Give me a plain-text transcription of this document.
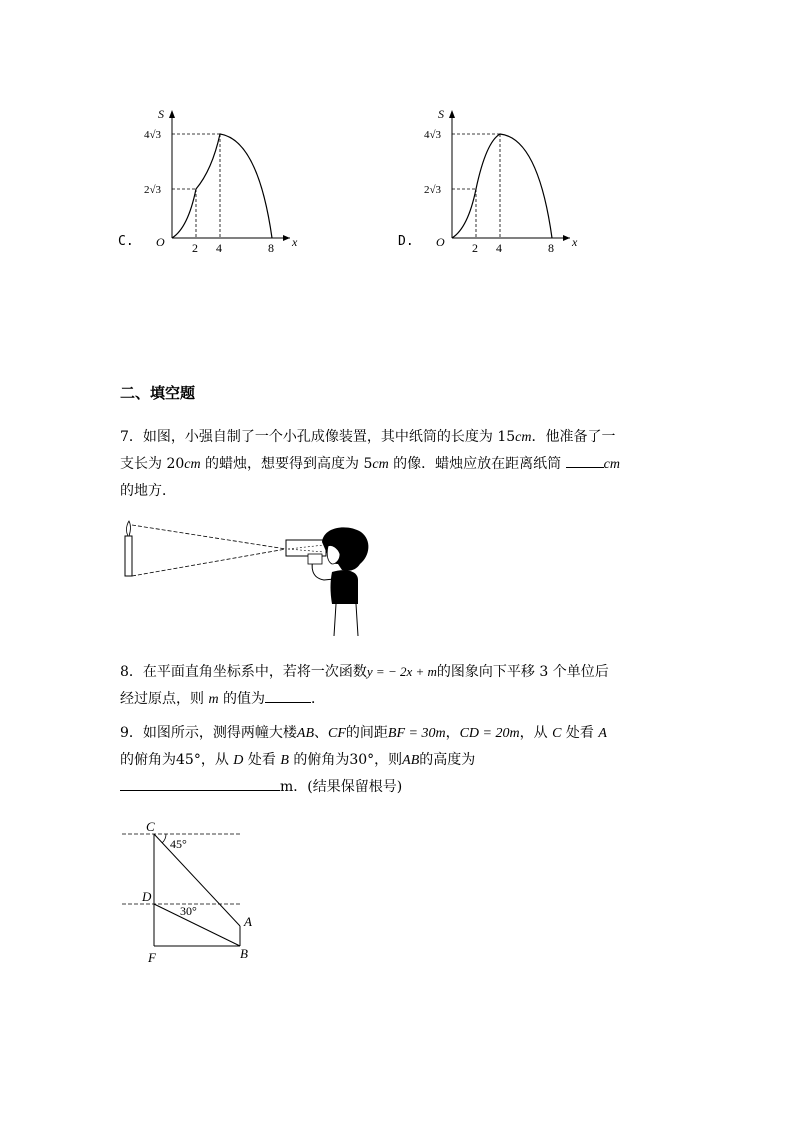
C.
S
x
O 2 4	8
2√3
4√3
D.
S
x
O 2 4	8
2√3
4√3
二、填空题
7．如图，小强自制了一个小孔成像装置，其中纸筒的长度为 15cm．他准备了一
支长为 20cm 的蜡烛，想要得到高度为 5cm 的像．蜡烛应放在距离纸筒	cm
的地方．
8．在平面直角坐标系中，若将一次函数y = − 2x + m的图象向下平移 3 个单位后
经过原点，则 m 的值为	．
9．如图所示，测得两幢大楼AB、CF的间距BF = 30m，CD = 20m，从 C 处看 A
的俯角为45°，从 D 处看 B 的俯角为30°，则AB的高度为
m．(结果保留根号)
C
D
F
A
B
45°
30°
